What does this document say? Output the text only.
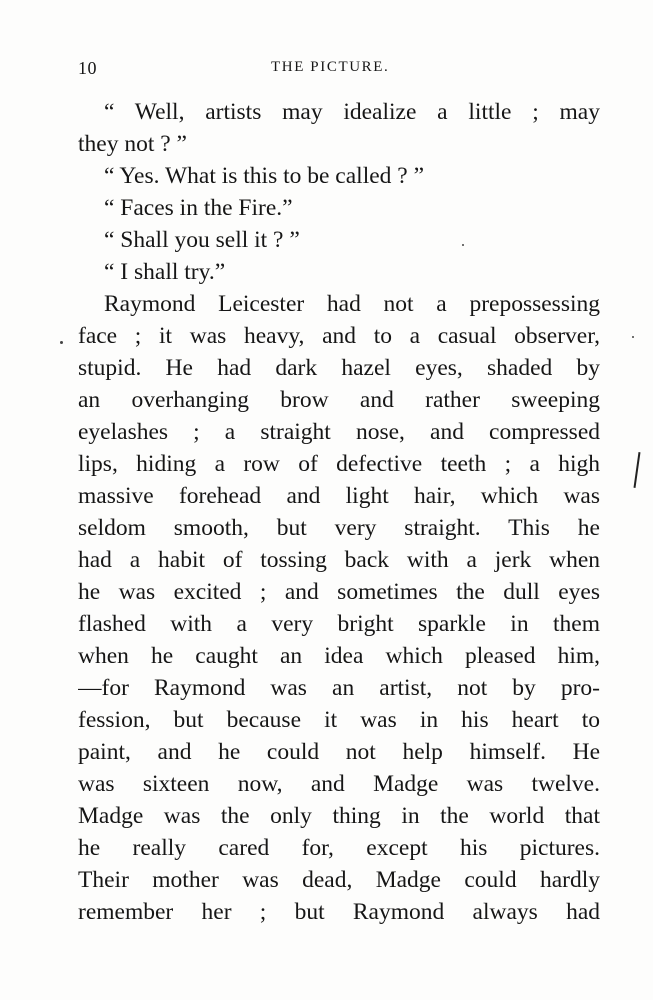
10	THE PICTURE.
“ Well, artists may idealize a little ; may
they not ? ”
“ Yes. What is this to be called ? ”
“ Faces in the Fire.”
“ Shall you sell it ? ”
“ I shall try.”
Raymond Leicester had not a prepossessing
face ; it was heavy, and to a casual observer,
stupid. He had dark hazel eyes, shaded by
an overhanging brow and rather sweeping
eyelashes ; a straight nose, and compressed
lips, hiding a row of defective teeth ; a high
massive forehead and light hair, which was
seldom smooth, but very straight. This he
had a habit of tossing back with a jerk when
he was excited ; and sometimes the dull eyes
flashed with a very bright sparkle in them
when he caught an idea which pleased him,
—for Raymond was an artist, not by pro-
fession, but because it was in his heart to
paint, and he could not help himself. He
was sixteen now, and Madge was twelve.
Madge was the only thing in the world that
he really cared for, except his pictures.
Their mother was dead, Madge could hardly
remember her ; but Raymond always had
